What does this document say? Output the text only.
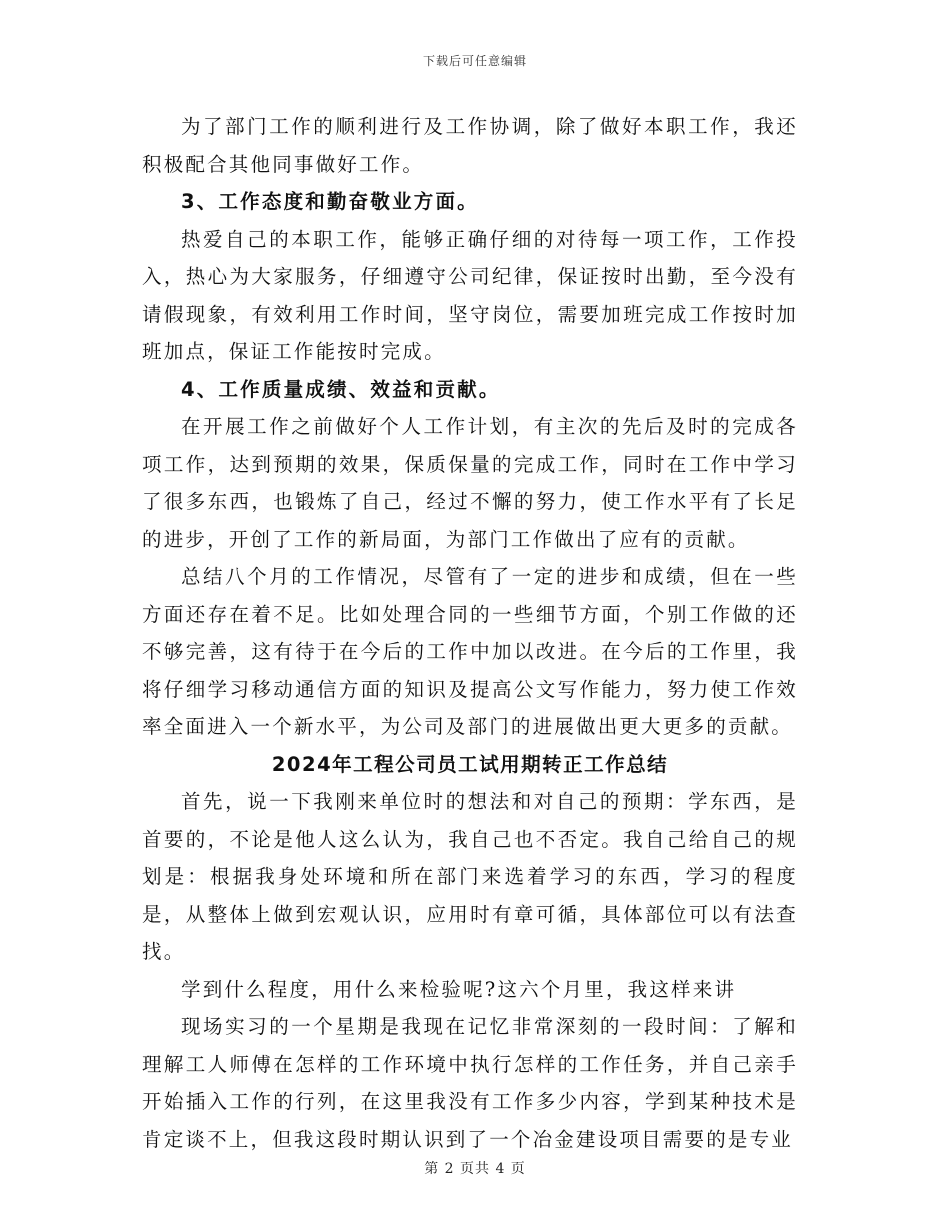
下载后可任意编辑

为了部门工作的顺利进行及工作协调，除了做好本职工作，我还积极配合其他同事做好工作。

3、工作态度和勤奋敬业方面。

热爱自己的本职工作，能够正确仔细的对待每一项工作，工作投入，热心为大家服务，仔细遵守公司纪律，保证按时出勤，至今没有请假现象，有效利用工作时间，坚守岗位，需要加班完成工作按时加班加点，保证工作能按时完成。

4、工作质量成绩、效益和贡献。

在开展工作之前做好个人工作计划，有主次的先后及时的完成各项工作，达到预期的效果，保质保量的完成工作，同时在工作中学习了很多东西，也锻炼了自己，经过不懈的努力，使工作水平有了长足的进步，开创了工作的新局面，为部门工作做出了应有的贡献。

总结八个月的工作情况，尽管有了一定的进步和成绩，但在一些方面还存在着不足。比如处理合同的一些细节方面，个别工作做的还不够完善，这有待于在今后的工作中加以改进。在今后的工作里，我将仔细学习移动通信方面的知识及提高公文写作能力，努力使工作效率全面进入一个新水平，为公司及部门的进展做出更大更多的贡献。

2024年工程公司员工试用期转正工作总结

首先，说一下我刚来单位时的想法和对自己的预期：学东西，是首要的，不论是他人这么认为，我自己也不否定。我自己给自己的规划是：根据我身处环境和所在部门来选着学习的东西，学习的程度是，从整体上做到宏观认识，应用时有章可循，具体部位可以有法查找。

学到什么程度，用什么来检验呢?这六个月里，我这样来讲

现场实习的一个星期是我现在记忆非常深刻的一段时间：了解和理解工人师傅在怎样的工作环境中执行怎样的工作任务，并自己亲手开始插入工作的行列，在这里我没有工作多少内容，学到某种技术是肯定谈不上，但我这段时期认识到了一个冶金建设项目需要的是专业

第 2 页共 4 页
